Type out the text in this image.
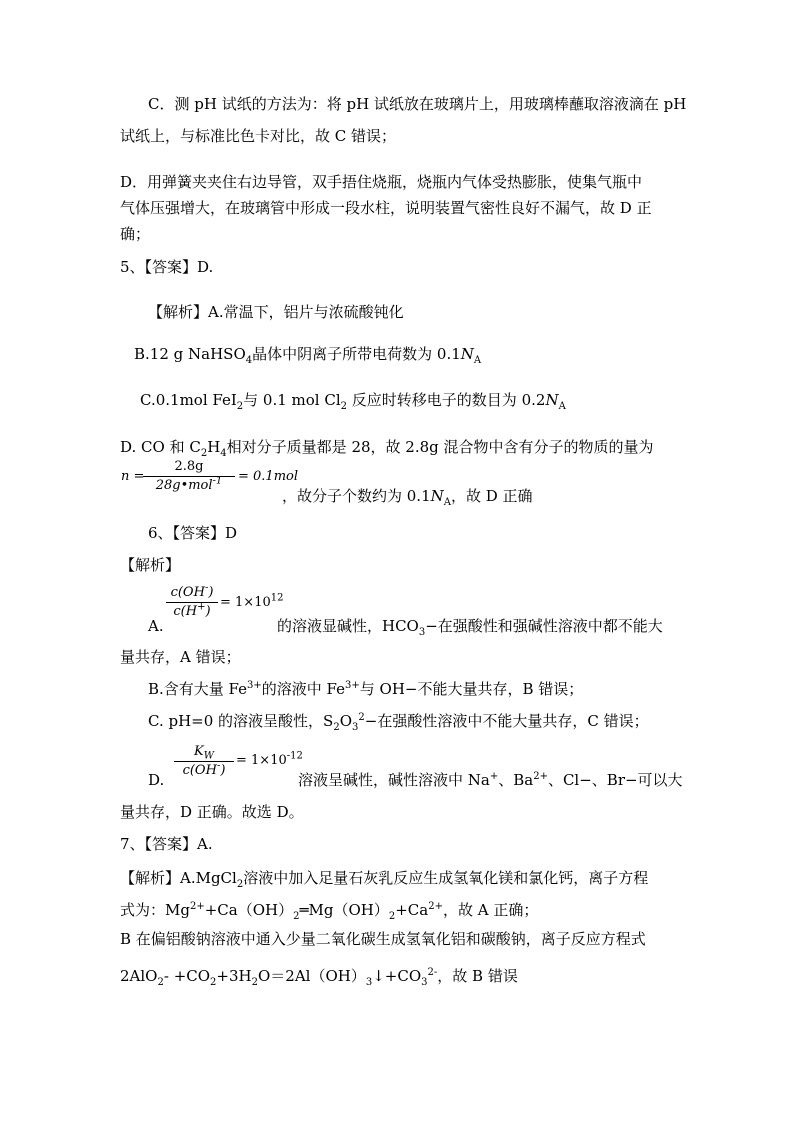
C．测 pH 试纸的方法为：将 pH 试纸放在玻璃片上，用玻璃棒蘸取溶液滴在 pH
试纸上，与标准比色卡对比，故 C 错误；
D．用弹簧夹夹住右边导管，双手捂住烧瓶，烧瓶内气体受热膨胀，使集气瓶中
气体压强增大，在玻璃管中形成一段水柱，说明装置气密性良好不漏气，故 D 正
确；
5、【答案】D.
【解析】A.常温下，铝片与浓硫酸钝化
B.12 g NaHSO$_4$晶体中阴离子所带电荷数为 $0.1N_A$
C.0.1mol FeI$_2$与 0.1 mol $Cl_2$ 反应时转移电子的数目为 $0.2N_A$
D. CO 和 $C_2H_4$相对分子质量都是 28，故 2.8g 混合物中含有分子的物质的量为
n =
2.8g
28g•mol$^{-1}$	= 0.1mol
，故分子个数约为 $0.1N_A$，故 D 正确
6、【答案】D
【解析】
$\frac{c(OH^-)}{c(H^+)} = 1\times 10^{12}$
A.	的溶液显碱性，$HCO_3-$在强酸性和强碱性溶液中都不能大
量共存，A 错误；
B.含有大量 $Fe^{3+}$的溶液中 $Fe^{3+}$与 OH−不能大量共存，B 错误；
C. pH=0 的溶液呈酸性，$S_2O_3^2-$在强酸性溶液中不能大量共存，C 错误；
$\frac{K_W}{c(OH^-)} = 1\times 10^{-12}$
D.	溶液呈碱性，碱性溶液中 Na+、$Ba^{2+}$、Cl−、Br−可以大
量共存，D 正确。故选 D。
7、【答案】A.
【解析】A.MgCl$_2$溶液中加入足量石灰乳反应生成氢氧化镁和氯化钙，离子方程
式为：$Mg^{2+}+Ca(OH)_2═Mg(OH)_2+Ca^{2+}$，故 A 正确；
B 在偏铝酸钠溶液中通入少量二氧化碳生成氢氧化铝和碳酸钠，离子反应方程式
$2AlO_2- +CO_2+3H_2O=2Al(OH)_3↓+CO_3^{2-}$，故 B 错误
